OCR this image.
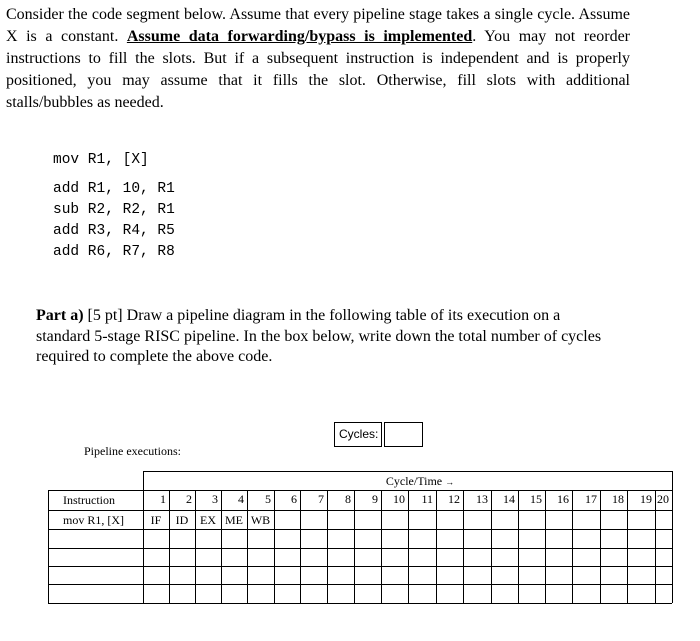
Consider the code segment below. Assume that every pipeline stage takes a single cycle. Assume X is a constant. Assume data forwarding/bypass is implemented. You may not reorder instructions to fill the slots. But if a subsequent instruction is independent and is properly positioned, you may assume that it fills the slot. Otherwise, fill slots with additional stalls/bubbles as needed.
mov R1, [X]
add R1, 10, R1
sub R2, R2, R1
add R3, R4, R5
add R6, R7, R8
Part a) [5 pt] Draw a pipeline diagram in the following table of its execution on a standard 5-stage RISC pipeline. In the box below, write down the total number of cycles required to complete the above code.
Cycles:
Pipeline executions:
Cycle/Time →
Instruction	1	2	3	4	5	6	7	8	9	10	11	12	13	14	15	16	17	18	19 20
mov R1, [X]	IF	ID EX ME WB
